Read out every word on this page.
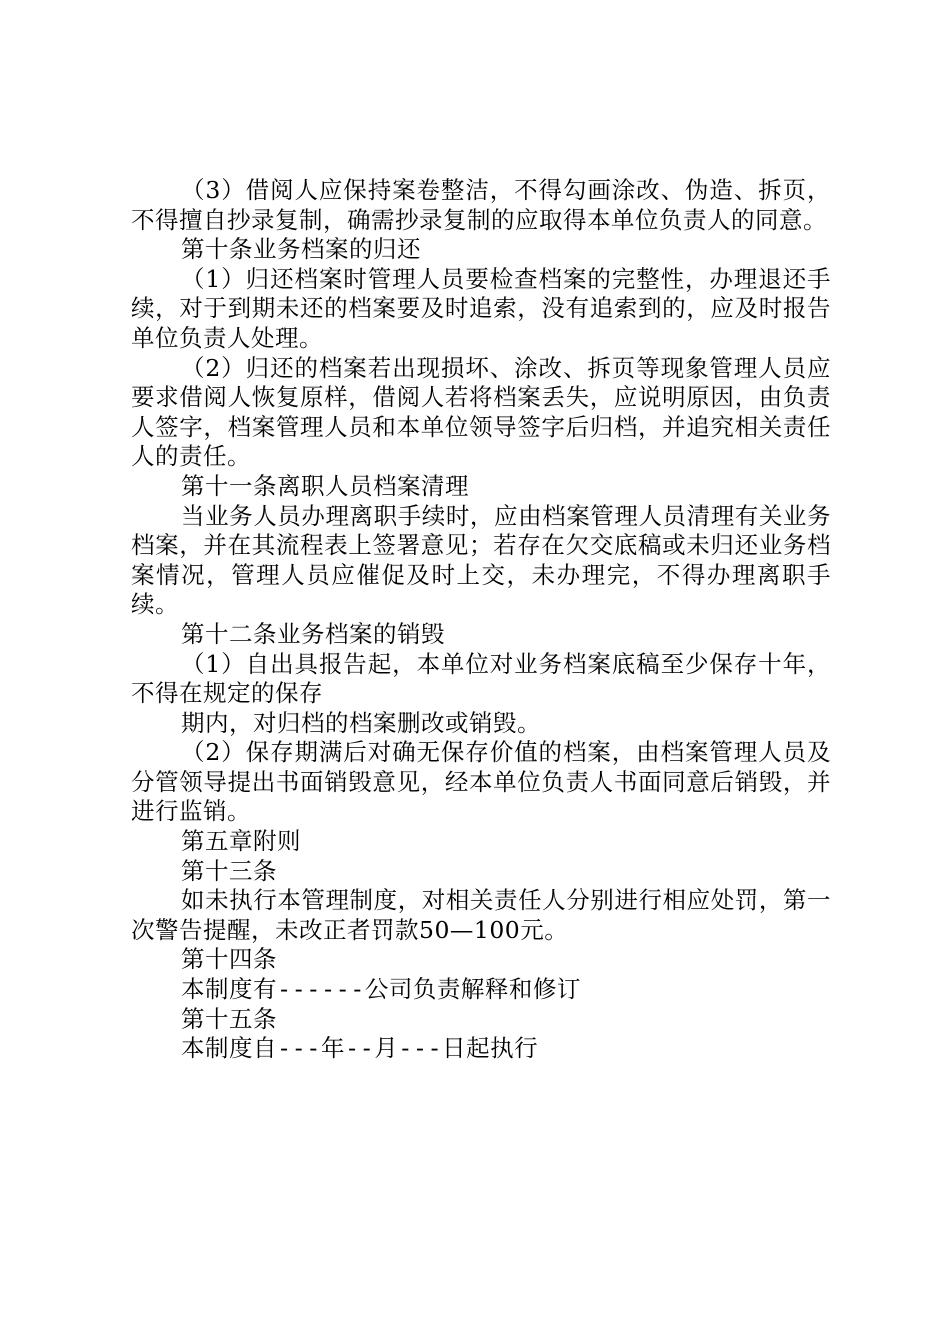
（3）借阅人应保持案卷整洁，不得勾画涂改、伪造、拆页，不得擅自抄录复制，确需抄录复制的应取得本单位负责人的同意。

第十条业务档案的归还

（1）归还档案时管理人员要检查档案的完整性，办理退还手续，对于到期未还的档案要及时追索，没有追索到的，应及时报告单位负责人处理。

（2）归还的档案若出现损坏、涂改、拆页等现象管理人员应要求借阅人恢复原样，借阅人若将档案丢失，应说明原因，由负责人签字，档案管理人员和本单位领导签字后归档，并追究相关责任人的责任。

第十一条离职人员档案清理

当业务人员办理离职手续时，应由档案管理人员清理有关业务档案，并在其流程表上签署意见；若存在欠交底稿或未归还业务档案情况，管理人员应催促及时上交，未办理完，不得办理离职手续。

第十二条业务档案的销毁

（1）自出具报告起，本单位对业务档案底稿至少保存十年，不得在规定的保存

期内，对归档的档案删改或销毁。

（2）保存期满后对确无保存价值的档案，由档案管理人员及分管领导提出书面销毁意见，经本单位负责人书面同意后销毁，并进行监销。

第五章附则

第十三条

如未执行本管理制度，对相关责任人分别进行相应处罚，第一次警告提醒，未改正者罚款50—100元。

第十四条

本制度有------公司负责解释和修订

第十五条

本制度自---年--月---日起执行
